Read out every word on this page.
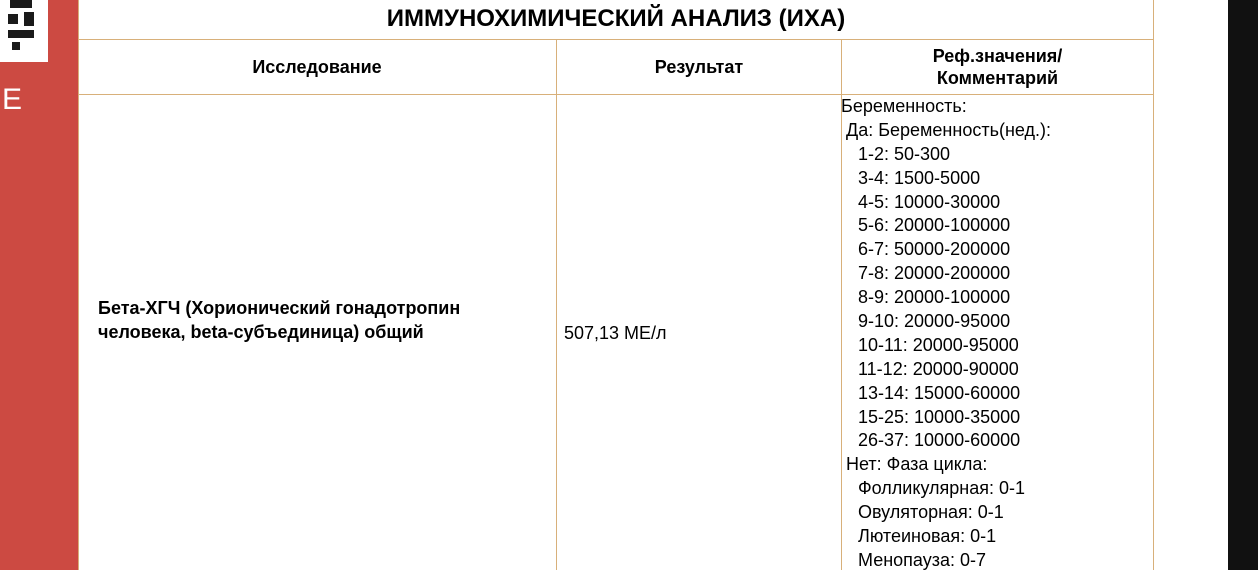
E
ИММУНОХИМИЧЕСКИЙ АНАЛИЗ (ИХА)
Исследование	Результат
Реф.значения/
Комментарий
Бета-ХГЧ (Хорионический гонадотропин
человека, beta-субъединица) общий	507,13 МЕ/л
Беременность:
Да: Беременность(нед.):
1-2: 50-300
3-4: 1500-5000
4-5: 10000-30000
5-6: 20000-100000
6-7: 50000-200000
7-8: 20000-200000
8-9: 20000-100000
9-10: 20000-95000
10-11: 20000-95000
11-12: 20000-90000
13-14: 15000-60000
15-25: 10000-35000
26-37: 10000-60000
Нет: Фаза цикла:
Фолликулярная: 0-1
Овуляторная: 0-1
Лютеиновая: 0-1
Менопауза: 0-7
